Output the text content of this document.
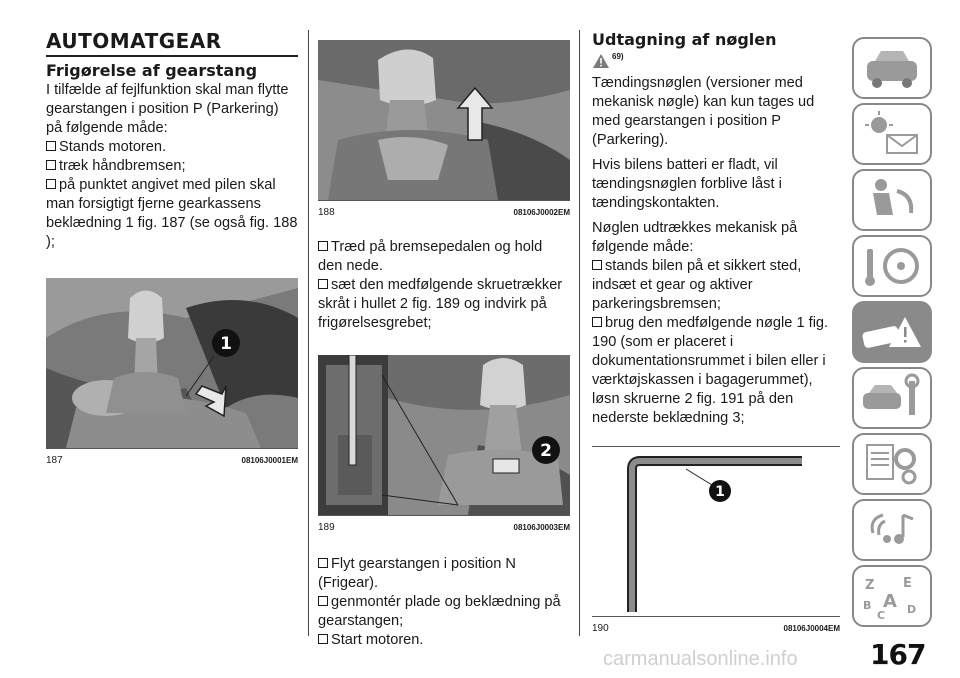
AUTOMATGEAR
Frigørelse af gearstang

I tilfælde af fejlfunktion skal man flytte gearstangen i position P (Parkering) på følgende måde:

Stands motoren.
træk håndbremsen;
på punktet angivet med pilen skal man forsigtigt fjerne gearkassens beklædning 1 fig. 187 (se også fig. 188 );
1
187	08106J0001EM
188	08106J0002EM
Træd på bremsepedalen og hold den nede.
sæt den medfølgende skruetrækker skråt i hullet 2 fig. 189 og indvirk på frigørelsesgrebet;
2
189	08106J0003EM
Flyt gearstangen i position N (Frigear).
genmontér plade og beklædning på gearstangen;
Start motoren.
Udtagning af nøglen
69)

Tændingsnøglen (versioner med mekanisk nøgle) kan kun tages ud med gearstangen i position P (Parkering).

Hvis bilens batteri er fladt, vil tændingsnøglen forblive låst i tændingskontakten.

Nøglen udtrækkes mekanisk på følgende måde:

stands bilen på et sikkert sted, indsæt et gear og aktiver parkeringsbremsen;
brug den medfølgende nøgle 1 fig. 190 (som er placeret i dokumentationsrummet i bilen eller i værktøjskassen i bagagerummet), løsn skruerne 2 fig. 191 på den nederste beklædning 3;
1
190	08106J0004EM
Z E
B A
C D
167
carmanualsonline.info
